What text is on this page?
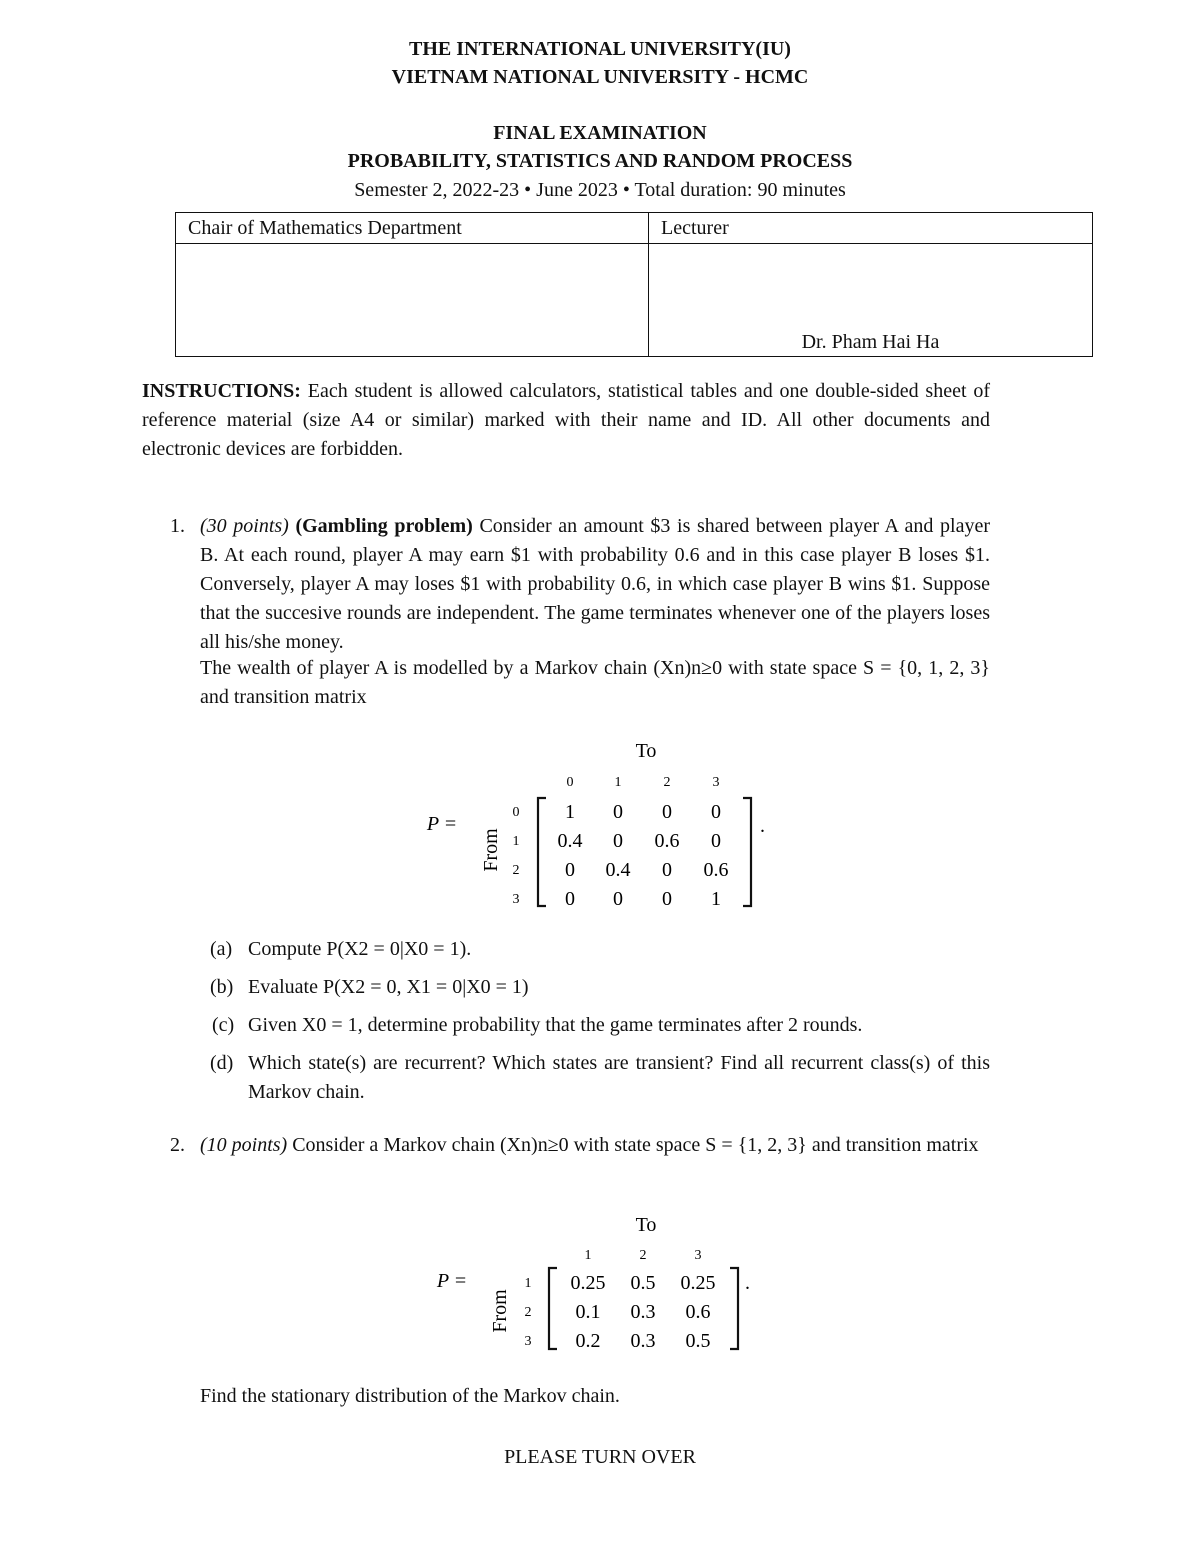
THE INTERNATIONAL UNIVERSITY(IU)
VIETNAM NATIONAL UNIVERSITY - HCMC
FINAL EXAMINATION
PROBABILITY, STATISTICS AND RANDOM PROCESS
Semester 2, 2022-23 • June 2023 • Total duration: 90 minutes
Chair of Mathematics Department	Lecturer

	Dr. Pham Hai Ha
INSTRUCTIONS: Each student is allowed calculators, statistical tables and one double-sided sheet of reference material (size A4 or similar) marked with their name and ID. All other documents and electronic devices are forbidden.
1. (30 points) (Gambling problem) Consider an amount $3 is shared between player A and player B. At each round, player A may earn $1 with probability 0.6 and in this case player B loses $1. Conversely, player A may loses $1 with probability 0.6, in which case player B wins $1. Suppose that the succesive rounds are independent. The game terminates whenever one of the players loses all his/she money.
The wealth of player A is modelled by a Markov chain (Xn)n≥0 with state space S = {0, 1, 2, 3} and transition matrix
To
P =
From
0	1	2	3
0
1
2
3
1 0 0 0
0.4 0 0.6 0
0 0.4 0 0.6
0 0 0 1
.
(a) Compute P(X2 = 0|X0 = 1).
(b) Evaluate P(X2 = 0, X1 = 0|X0 = 1)
(c) Given X0 = 1, determine probability that the game terminates after 2 rounds.
(d) Which state(s) are recurrent? Which states are transient? Find all recurrent class(s) of this Markov chain.
2. (10 points) Consider a Markov chain (Xn)n≥0 with state space S = {1, 2, 3} and transition matrix
To
P =
From
1	2	3
1
2
3
0.25 0.5 0.25
0.1 0.3 0.6
0.2 0.3 0.5
.
Find the stationary distribution of the Markov chain.
PLEASE TURN OVER
